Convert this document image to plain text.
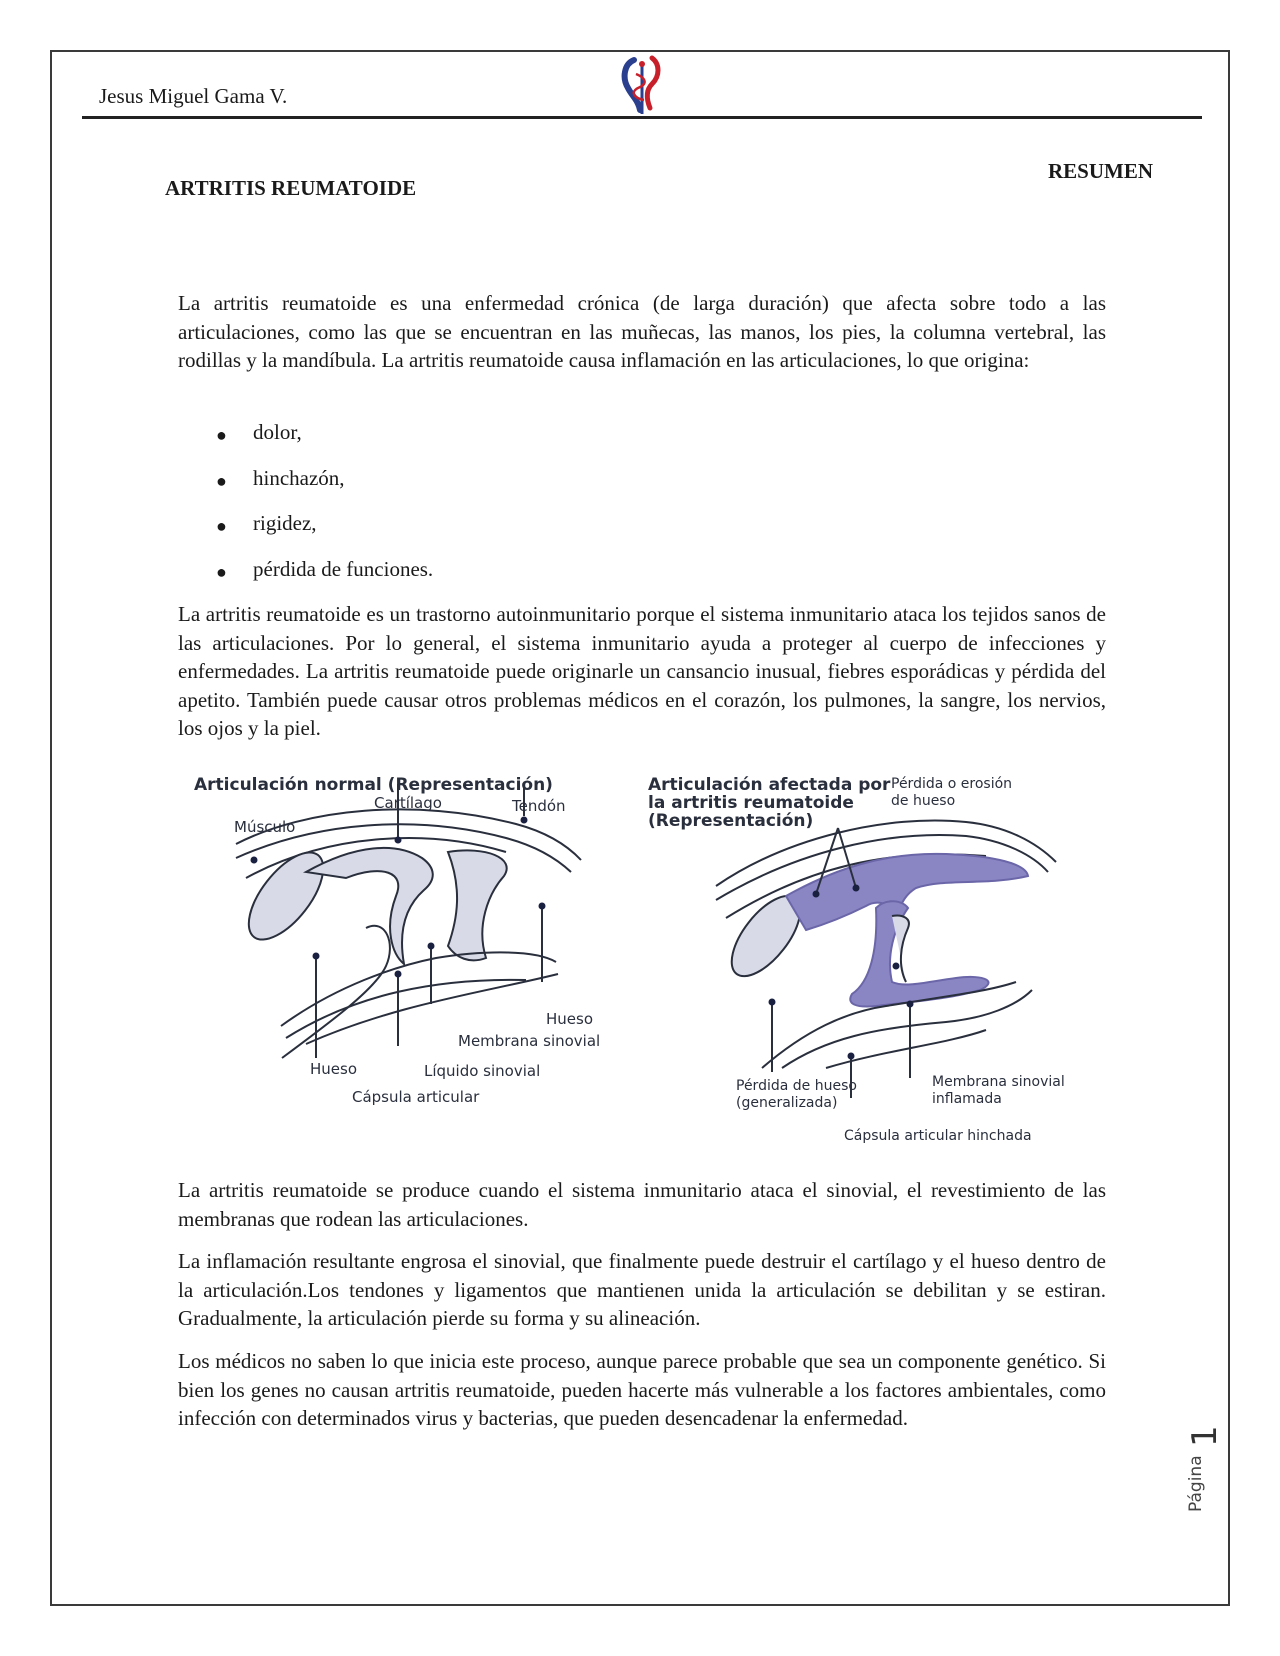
Jesus Miguel Gama V.
RESUMEN
ARTRITIS REUMATOIDE

La artritis reumatoide es una enfermedad crónica (de larga duración) que afecta sobre todo a las articulaciones, como las que se encuentran en las muñecas, las manos, los pies, la columna vertebral, las rodillas y la mandíbula. La artritis reumatoide causa inflamación en las articulaciones, lo que origina:

● dolor,
● hinchazón,
● rigidez,
● pérdida de funciones.

La artritis reumatoide es un trastorno autoinmunitario porque el sistema inmunitario ataca los tejidos sanos de las articulaciones. Por lo general, el sistema inmunitario ayuda a proteger al cuerpo de infecciones y enfermedades. La artritis reumatoide puede originarle un cansancio inusual, fiebres esporádicas y pérdida del apetito. También puede causar otros problemas médicos en el corazón, los pulmones, la sangre, los nervios, los ojos y la piel.

Articulación normal (Representación)
Cartílago	Tendón
Músculo
Hueso
Membrana sinovial
Hueso	Líquido sinovial
Cápsula articular
Articulación afectada por
la artritis reumatoide
(Representación)
Pérdida o erosión
de hueso
Pérdida de hueso
(generalizada)
Membrana sinovial
inflamada
Cápsula articular hinchada

La artritis reumatoide se produce cuando el sistema inmunitario ataca el sinovial, el revestimiento de las membranas que rodean las articulaciones.

La inflamación resultante engrosa el sinovial, que finalmente puede destruir el cartílago y el hueso dentro de la articulación.Los tendones y ligamentos que mantienen unida la articulación se debilitan y se estiran. Gradualmente, la articulación pierde su forma y su alineación.

Los médicos no saben lo que inicia este proceso, aunque parece probable que sea un componente genético. Si bien los genes no causan artritis reumatoide, pueden hacerte más vulnerable a los factores ambientales, como infección con determinados virus y bacterias, que pueden desencadenar la enfermedad.

Página
1
